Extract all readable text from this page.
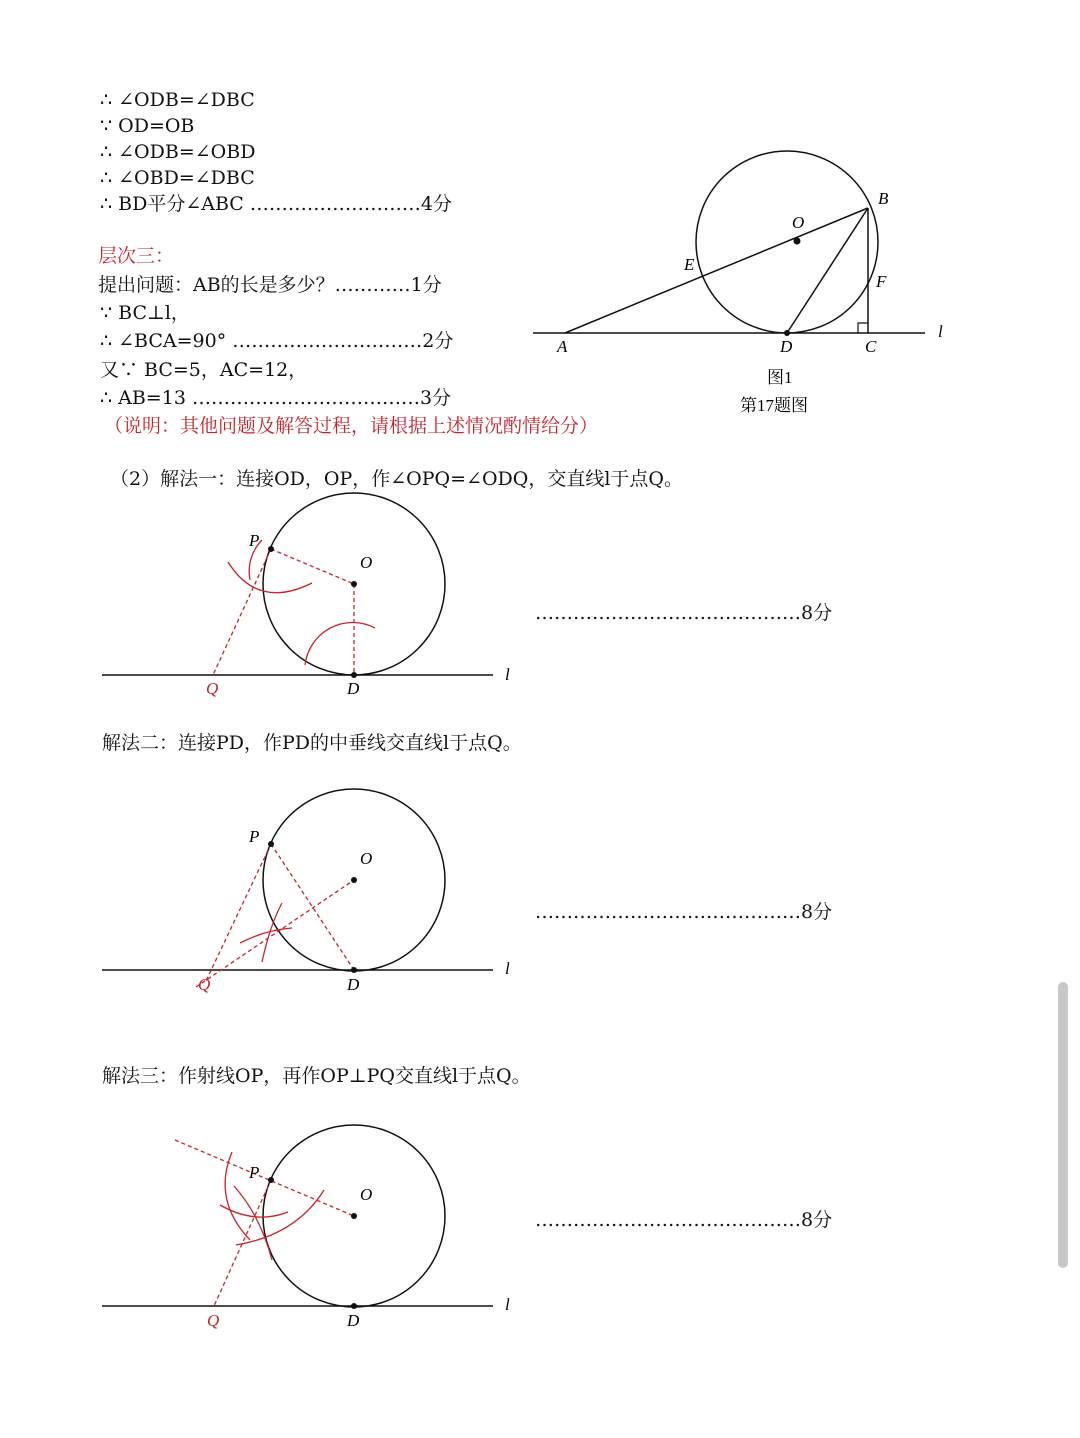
∴ ∠ODB=∠DBC
∵ OD=OB
∴ ∠ODB=∠OBD
∴ ∠OBD=∠DBC
∴ BD平分∠ABC ………………………4分
层次三：
提出问题：AB的长是多少？…………1分
∵ BC⊥l，
∴ ∠BCA=90° …………………………2分
又∵ BC=5，AC=12，
∴ AB=13 ………………………………3分
（说明：其他问题及解答过程，请根据上述情况酌情给分）
B
O
E
F
A	D	C
l
图1
第17题图
（2）解法一：连接OD，OP，作∠OPQ=∠ODQ，交直线l于点Q。
P
O
Q	D
l
……………………………………8分
解法二：连接PD，作PD的中垂线交直线l于点Q。
P
O
Q	D
l
……………………………………8分
解法三：作射线OP，再作OP⊥PQ交直线l于点Q。
P
O
Q	D
l
……………………………………8分
